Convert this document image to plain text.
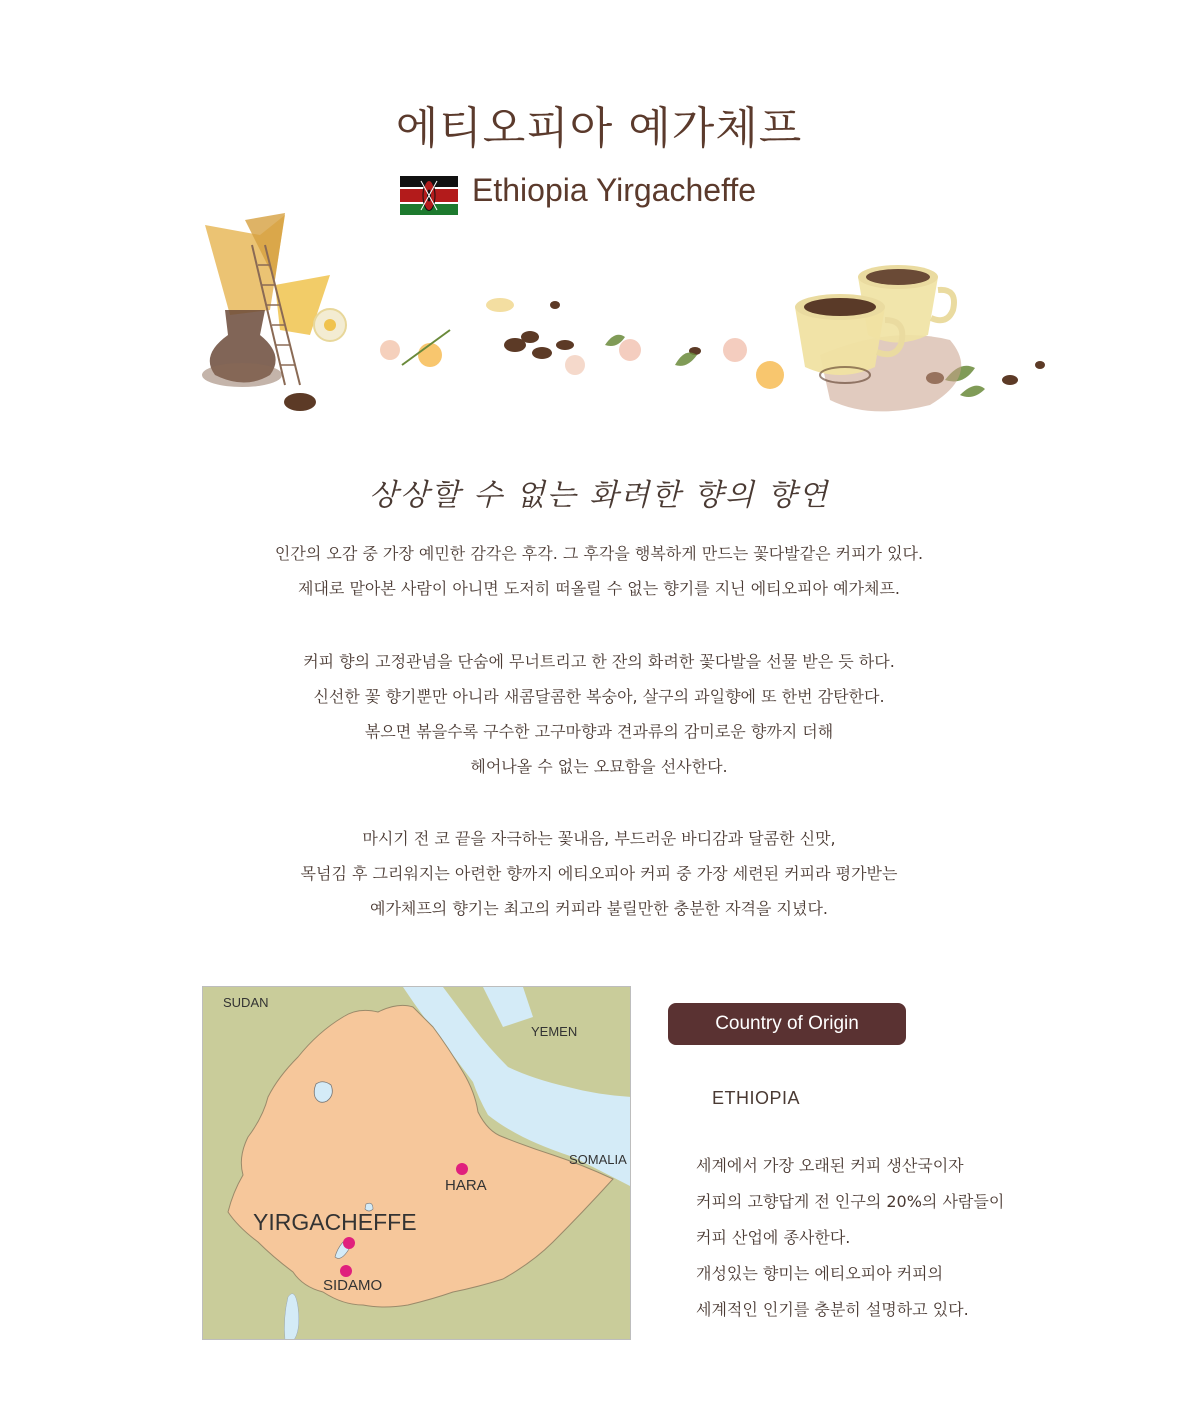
에티오피아 예가체프
Ethiopia Yirgacheffe
상상할 수 없는 화려한 향의 향연
인간의 오감 중 가장 예민한 감각은 후각. 그 후각을 행복하게 만드는 꽃다발같은 커피가 있다.
제대로 맡아본 사람이 아니면 도저히 떠올릴 수 없는 향기를 지닌 에티오피아 예가체프.
커피 향의 고정관념을 단숨에 무너트리고 한 잔의 화려한 꽃다발을 선물 받은 듯 하다.
신선한 꽃 향기뿐만 아니라 새콤달콤한 복숭아, 살구의 과일향에 또 한번 감탄한다.
볶으면 볶을수록 구수한 고구마향과 견과류의 감미로운 향까지 더해
헤어나올 수 없는 오묘함을 선사한다.
마시기 전 코 끝을 자극하는 꽃내음, 부드러운 바디감과 달콤한 신맛,
목넘김 후 그리워지는 아련한 향까지 에티오피아 커피 중 가장 세련된 커피라 평가받는
예가체프의 향기는 최고의 커피라 불릴만한 충분한 자격을 지녔다.
SUDAN
YEMEN
SOMALIA
HARA
YIRGACHEFFE
SIDAMO
Country of Origin
ETHIOPIA
세계에서 가장 오래된 커피 생산국이자
커피의 고향답게 전 인구의 20%의 사람들이
커피 산업에 종사한다.
개성있는 향미는 에티오피아 커피의
세계적인 인기를 충분히 설명하고 있다.
